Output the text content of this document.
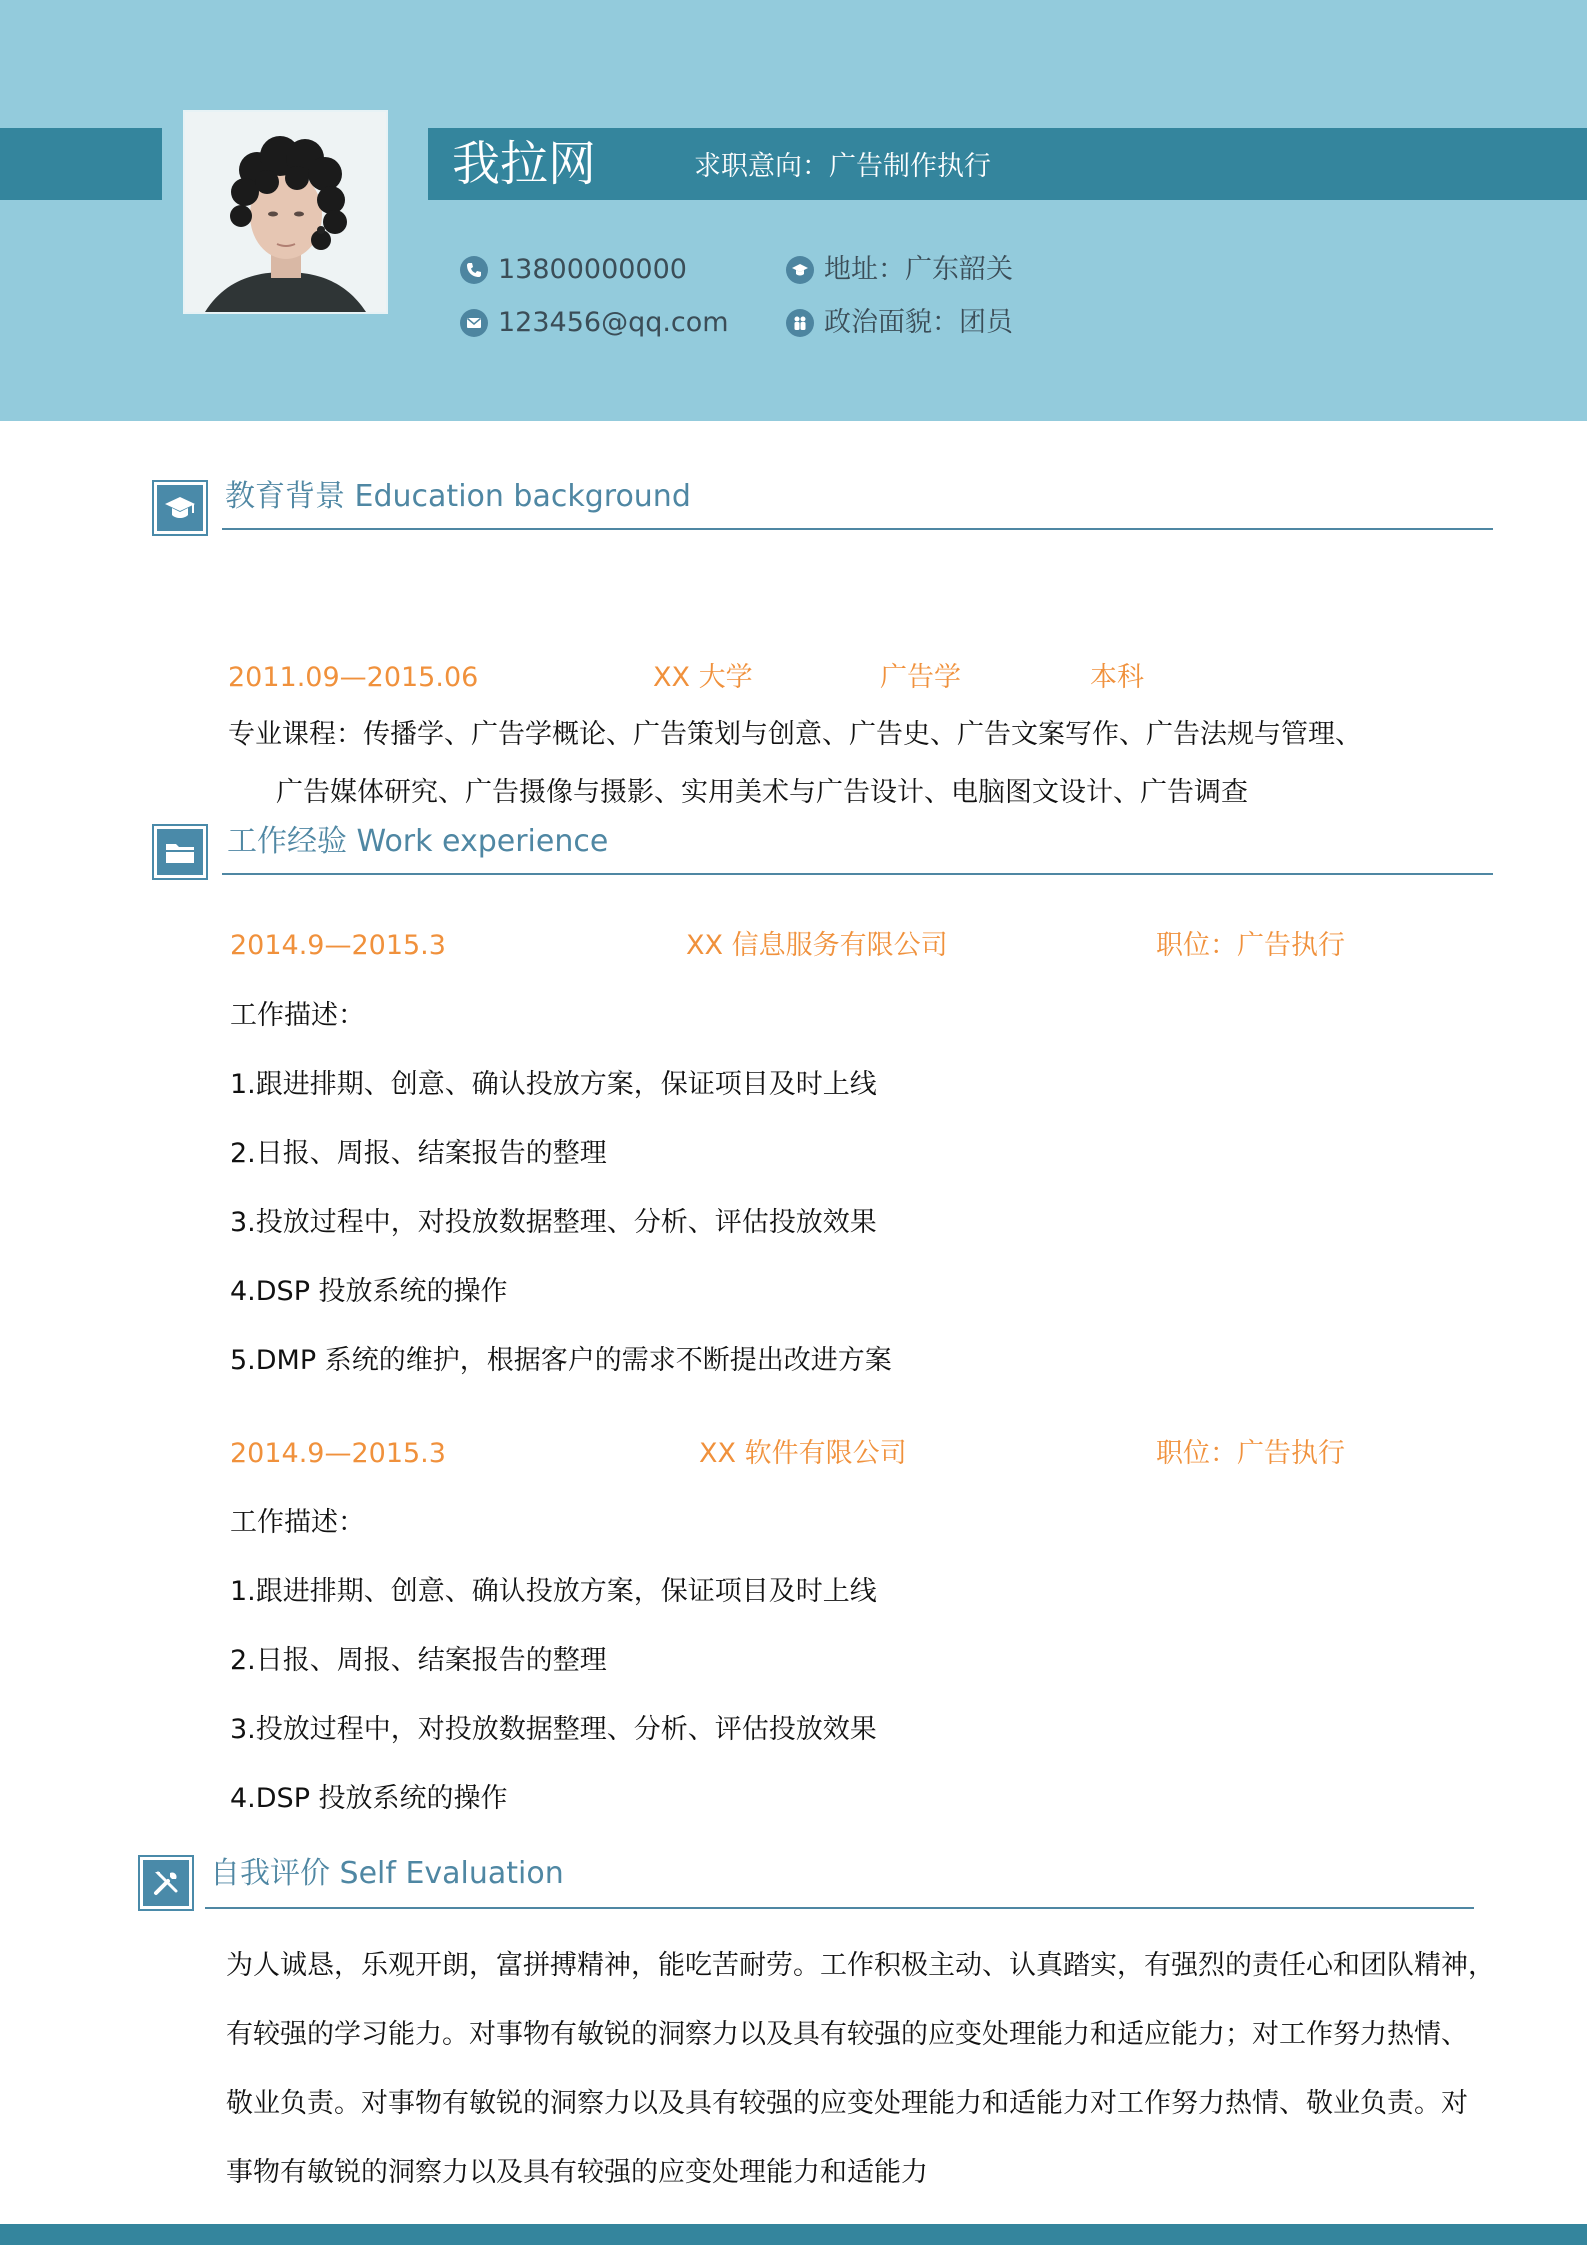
我拉网	求职意向：广告制作执行
13800000000
123456@qq.com
地址：广东韶关
政治面貌：团员
教育背景 Education background
2011.09—2015.06	XX 大学	广告学	本科
专业课程：传播学、广告学概论、广告策划与创意、广告史、广告文案写作、广告法规与管理、
广告媒体研究、广告摄像与摄影、实用美术与广告设计、电脑图文设计、广告调查
工作经验 Work experience
2014.9—2015.3	XX 信息服务有限公司	职位：广告执行
工作描述：
1.跟进排期、创意、确认投放方案，保证项目及时上线
2.日报、周报、结案报告的整理
3.投放过程中，对投放数据整理、分析、评估投放效果
4.DSP 投放系统的操作
5.DMP 系统的维护，根据客户的需求不断提出改进方案
2014.9—2015.3	XX 软件有限公司	职位：广告执行
工作描述：
1.跟进排期、创意、确认投放方案，保证项目及时上线
2.日报、周报、结案报告的整理
3.投放过程中，对投放数据整理、分析、评估投放效果
4.DSP 投放系统的操作
自我评价 Self Evaluation
为人诚恳，乐观开朗，富拼搏精神，能吃苦耐劳。工作积极主动、认真踏实，有强烈的责任心和团队精神，
有较强的学习能力。对事物有敏锐的洞察力以及具有较强的应变处理能力和适应能力；对工作努力热情、
敬业负责。对事物有敏锐的洞察力以及具有较强的应变处理能力和适能力对工作努力热情、敬业负责。对
事物有敏锐的洞察力以及具有较强的应变处理能力和适能力
